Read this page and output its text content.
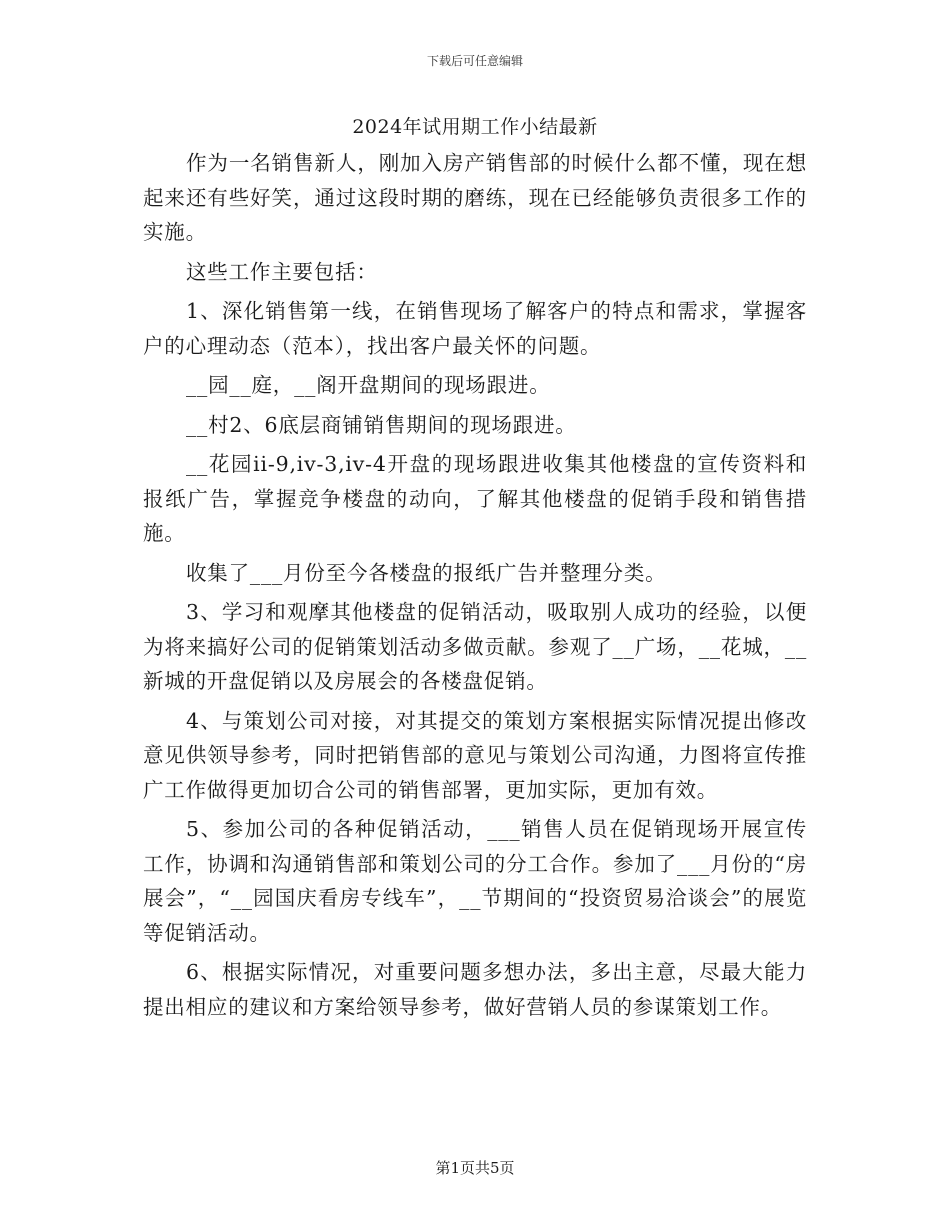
下载后可任意编辑
2024年试用期工作小结最新

作为一名销售新人，刚加入房产销售部的时候什么都不懂，现在想起来还有些好笑，通过这段时期的磨练，现在已经能够负责很多工作的实施。

这些工作主要包括：

1、深化销售第一线，在销售现场了解客户的特点和需求，掌握客户的心理动态（范本），找出客户最关怀的问题。

__园__庭，__阁开盘期间的现场跟进。

__村2、6底层商铺销售期间的现场跟进。

__花园ii-9,iv-3,iv-4开盘的现场跟进收集其他楼盘的宣传资料和报纸广告，掌握竞争楼盘的动向，了解其他楼盘的促销手段和销售措施。

收集了___月份至今各楼盘的报纸广告并整理分类。

3、学习和观摩其他楼盘的促销活动，吸取别人成功的经验，以便为将来搞好公司的促销策划活动多做贡献。参观了__广场，__花城，__新城的开盘促销以及房展会的各楼盘促销。

4、与策划公司对接，对其提交的策划方案根据实际情况提出修改意见供领导参考，同时把销售部的意见与策划公司沟通，力图将宣传推广工作做得更加切合公司的销售部署，更加实际，更加有效。

5、参加公司的各种促销活动，___销售人员在促销现场开展宣传工作，协调和沟通销售部和策划公司的分工合作。参加了___月份的“房展会”，“__园国庆看房专线车”，__节期间的“投资贸易洽谈会”的展览等促销活动。

6、根据实际情况，对重要问题多想办法，多出主意，尽最大能力提出相应的建议和方案给领导参考，做好营销人员的参谋策划工作。

第1页共5页
